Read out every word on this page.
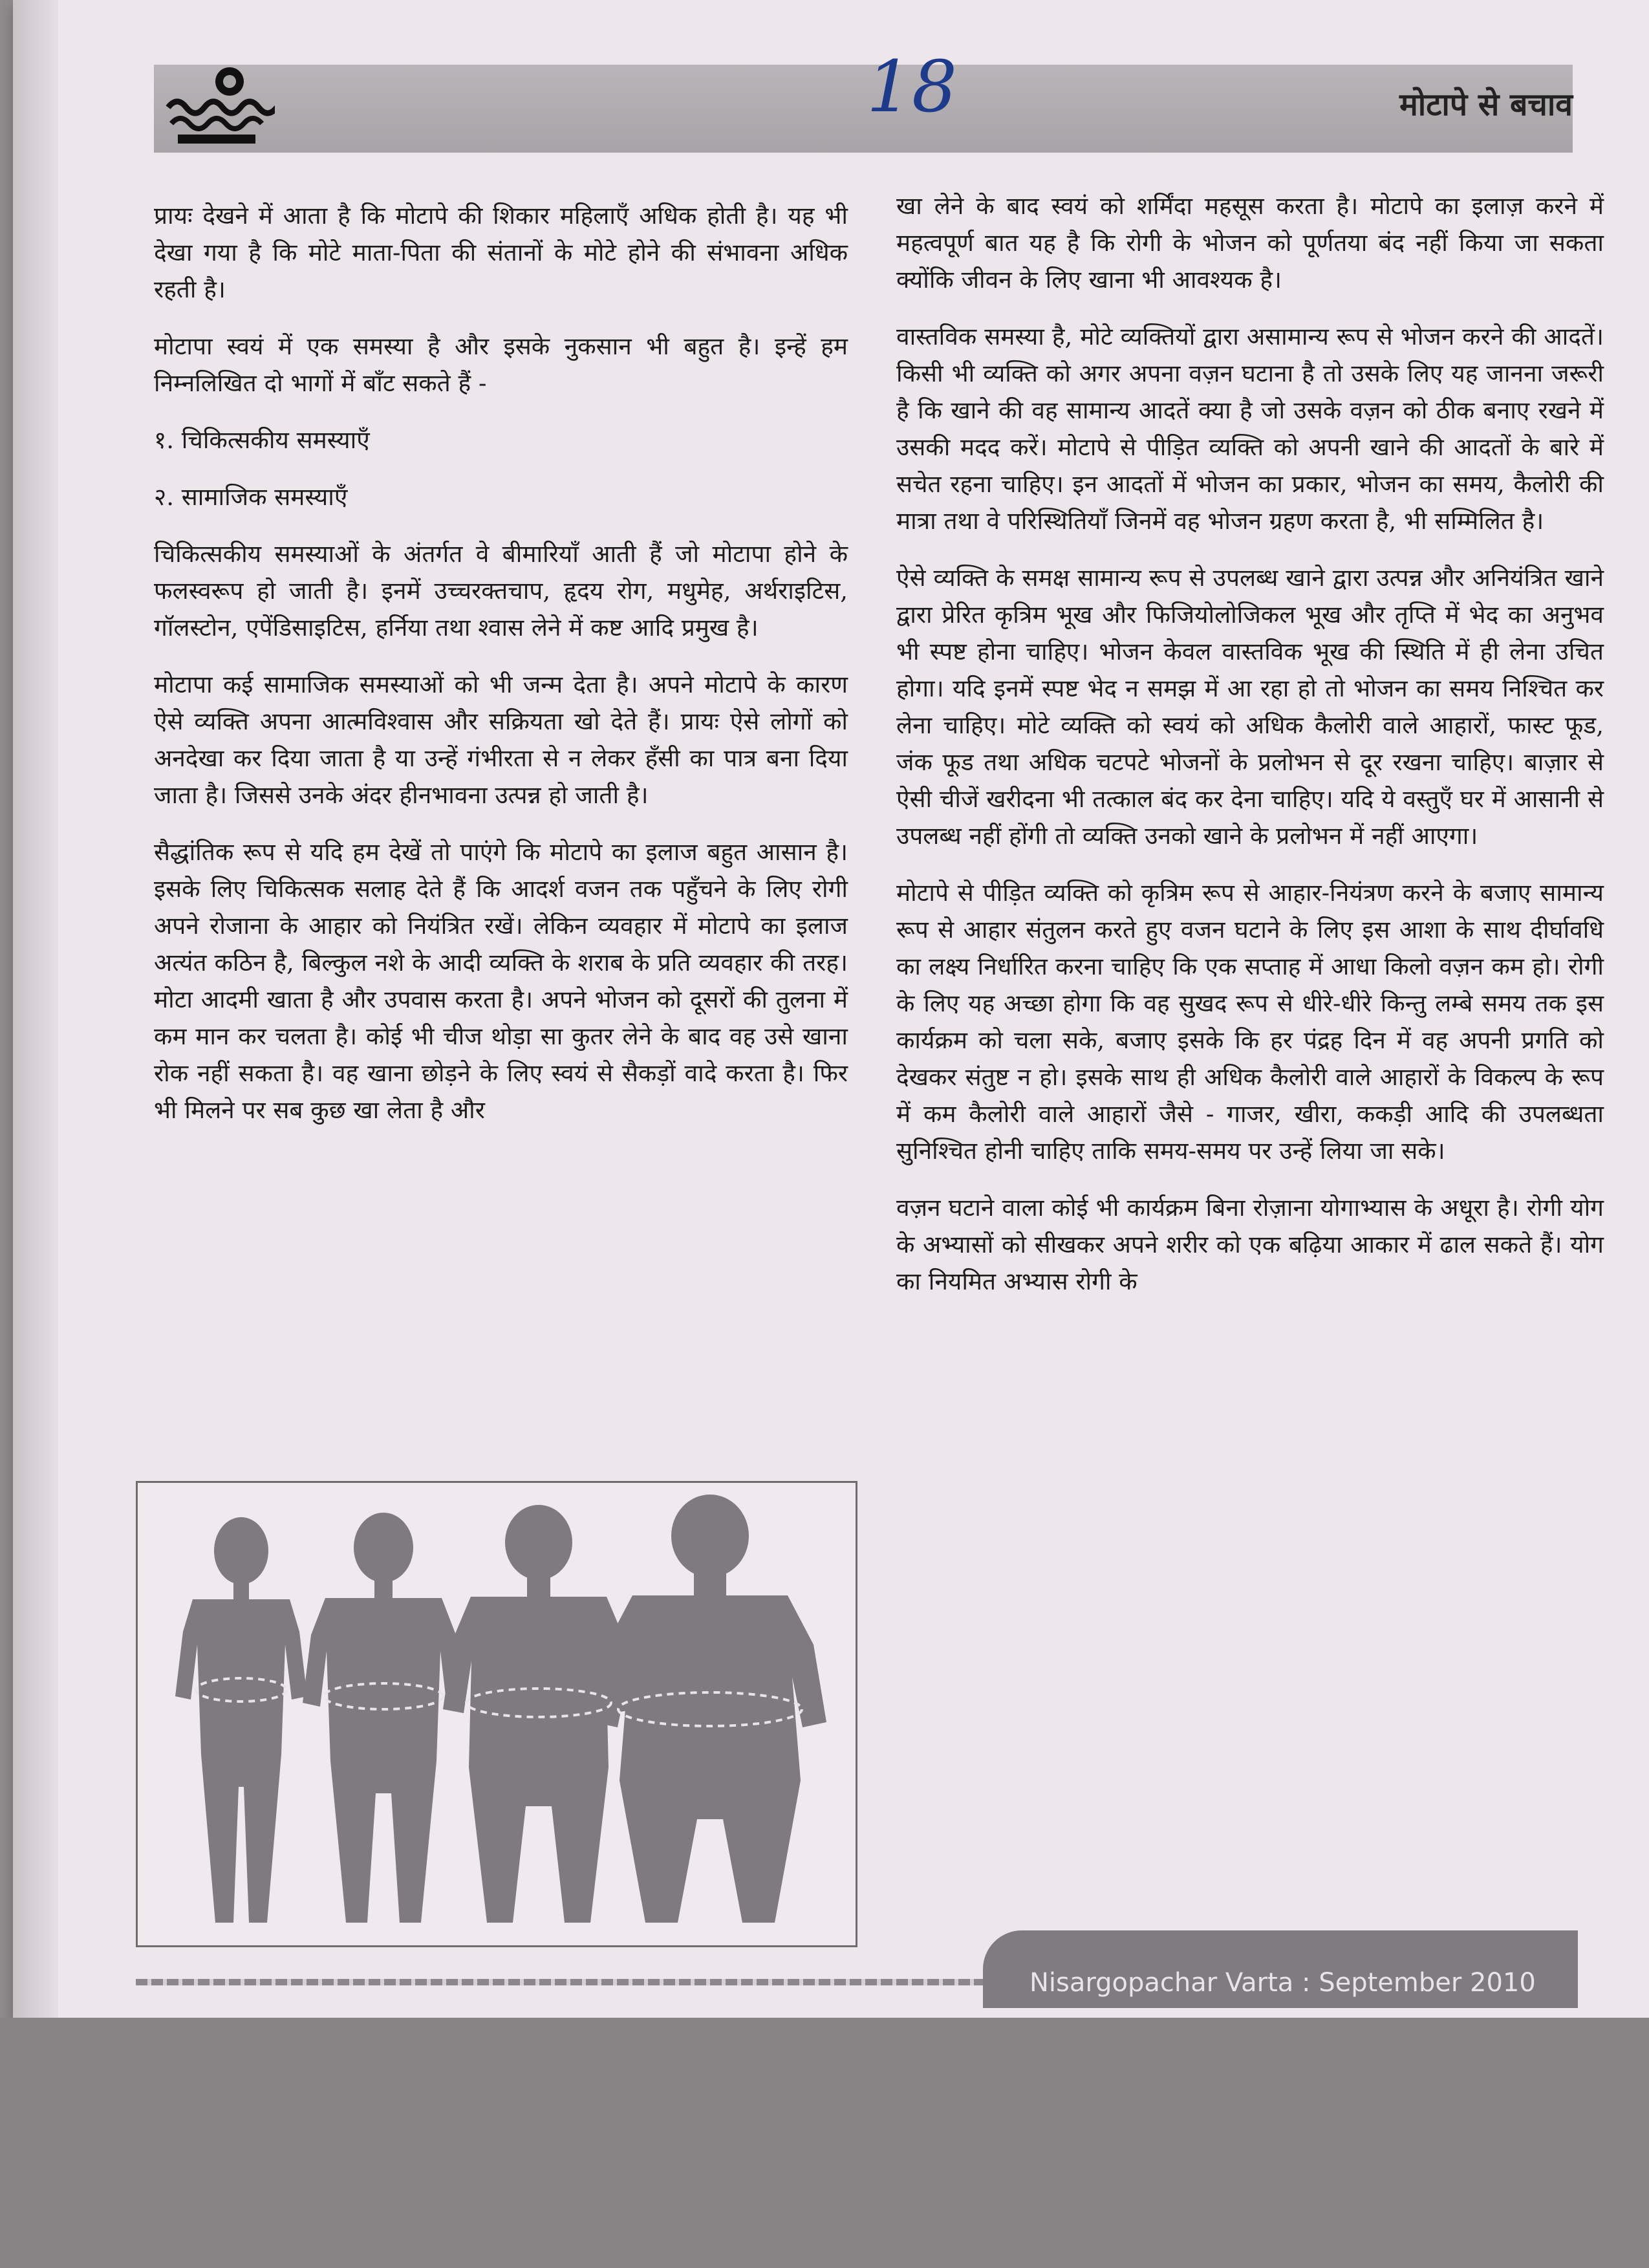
18	मोटापे से बचाव

प्रायः देखने में आता है कि मोटापे की शिकार महिलाएँ अधिक होती है। यह भी देखा गया है कि मोटे माता-पिता की संतानों के मोटे होने की संभावना अधिक रहती है।

मोटापा स्वयं में एक समस्या है और इसके नुकसान भी बहुत है। इन्हें हम निम्नलिखित दो भागों में बाँट सकते हैं -

१. चिकित्सकीय समस्याएँ
२. सामाजिक समस्याएँ

चिकित्सकीय समस्याओं के अंतर्गत वे बीमारियाँ आती हैं जो मोटापा होने के फलस्वरूप हो जाती है। इनमें उच्चरक्तचाप, हृदय रोग, मधुमेह, अर्थराइटिस, गॉलस्टोन, एपेंडिसाइटिस, हर्निया तथा श्वास लेने में कष्ट आदि प्रमुख है।

मोटापा कई सामाजिक समस्याओं को भी जन्म देता है। अपने मोटापे के कारण ऐसे व्यक्ति अपना आत्मविश्वास और सक्रियता खो देते हैं। प्रायः ऐसे लोगों को अनदेखा कर दिया जाता है या उन्हें गंभीरता से न लेकर हँसी का पात्र बना दिया जाता है। जिससे उनके अंदर हीनभावना उत्पन्न हो जाती है।

सैद्धांतिक रूप से यदि हम देखें तो पाएंगे कि मोटापे का इलाज बहुत आसान है। इसके लिए चिकित्सक सलाह देते हैं कि आदर्श वजन तक पहुँचने के लिए रोगी अपने रोजाना के आहार को नियंत्रित रखें। लेकिन व्यवहार में मोटापे का इलाज अत्यंत कठिन है, बिल्कुल नशे के आदी व्यक्ति के शराब के प्रति व्यवहार की तरह। मोटा आदमी खाता है और उपवास करता है। अपने भोजन को दूसरों की तुलना में कम मान कर चलता है। कोई भी चीज थोड़ा सा कुतर लेने के बाद वह उसे खाना रोक नहीं सकता है। वह खाना छोड़ने के लिए स्वयं से सैकड़ों वादे करता है। फिर भी मिलने पर सब कुछ खा लेता है और

खा लेने के बाद स्वयं को शर्मिंदा महसूस करता है। मोटापे का इलाज़ करने में महत्वपूर्ण बात यह है कि रोगी के भोजन को पूर्णतया बंद नहीं किया जा सकता क्योंकि जीवन के लिए खाना भी आवश्यक है।

वास्तविक समस्या है, मोटे व्यक्तियों द्वारा असामान्य रूप से भोजन करने की आदतें। किसी भी व्यक्ति को अगर अपना वज़न घटाना है तो उसके लिए यह जानना जरूरी है कि खाने की वह सामान्य आदतें क्या है जो उसके वज़न को ठीक बनाए रखने में उसकी मदद करें। मोटापे से पीड़ित व्यक्ति को अपनी खाने की आदतों के बारे में सचेत रहना चाहिए। इन आदतों में भोजन का प्रकार, भोजन का समय, कैलोरी की मात्रा तथा वे परिस्थितियाँ जिनमें वह भोजन ग्रहण करता है, भी सम्मिलित है।

ऐसे व्यक्ति के समक्ष सामान्य रूप से उपलब्ध खाने द्वारा उत्पन्न और अनियंत्रित खाने द्वारा प्रेरित कृत्रिम भूख और फिजियोलोजिकल भूख और तृप्ति में भेद का अनुभव भी स्पष्ट होना चाहिए। भोजन केवल वास्तविक भूख की स्थिति में ही लेना उचित होगा। यदि इनमें स्पष्ट भेद न समझ में आ रहा हो तो भोजन का समय निश्चित कर लेना चाहिए। मोटे व्यक्ति को स्वयं को अधिक कैलोरी वाले आहारों, फास्ट फूड, जंक फूड तथा अधिक चटपटे भोजनों के प्रलोभन से दूर रखना चाहिए। बाज़ार से ऐसी चीजें खरीदना भी तत्काल बंद कर देना चाहिए। यदि ये वस्तुएँ घर में आसानी से उपलब्ध नहीं होंगी तो व्यक्ति उनको खाने के प्रलोभन में नहीं आएगा।

मोटापे से पीड़ित व्यक्ति को कृत्रिम रूप से आहार-नियंत्रण करने के बजाए सामान्य रूप से आहार संतुलन करते हुए वजन घटाने के लिए इस आशा के साथ दीर्घावधि का लक्ष्य निर्धारित करना चाहिए कि एक सप्ताह में आधा किलो वज़न कम हो। रोगी के लिए यह अच्छा होगा कि वह सुखद रूप से धीरे-धीरे किन्तु लम्बे समय तक इस कार्यक्रम को चला सके, बजाए इसके कि हर पंद्रह दिन में वह अपनी प्रगति को देखकर संतुष्ट न हो। इसके साथ ही अधिक कैलोरी वाले आहारों के विकल्प के रूप में कम कैलोरी वाले आहारों जैसे - गाजर, खीरा, ककड़ी आदि की उपलब्धता सुनिश्चित होनी चाहिए ताकि समय-समय पर उन्हें लिया जा सके।

वज़न घटाने वाला कोई भी कार्यक्रम बिना रोज़ाना योगाभ्यास के अधूरा है। रोगी योग के अभ्यासों को सीखकर अपने शरीर को एक बढ़िया आकार में ढाल सकते हैं। योग का नियमित अभ्यास रोगी के

Nisargopachar Varta : September 2010
